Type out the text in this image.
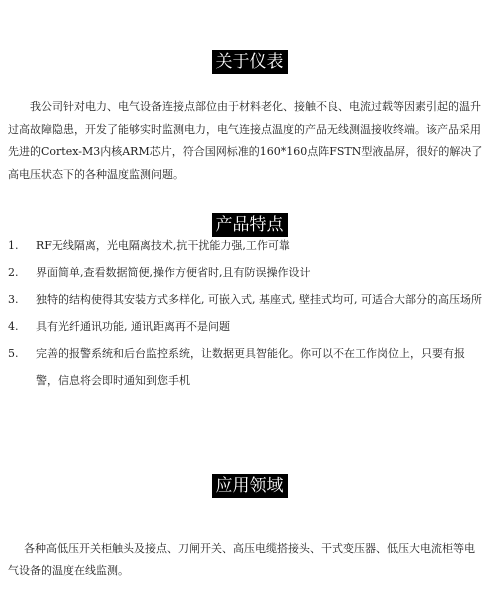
关于仪表

我公司针对电力、电气设备连接点部位由于材料老化、接触不良、电流过载等因素引起的温升过高故障隐患，开发了能够实时监测电力，电气连接点温度的产品无线测温接收终端。该产品采用先进的Cortex-M3内核ARM芯片，符合国网标准的160*160点阵FSTN型液晶屏，很好的解决了高电压状态下的各种温度监测问题。

产品特点
1. RF无线隔离，光电隔离技术,抗干扰能力强,工作可靠
2. 界面简单,查看数据简便,操作方便省时,且有防误操作设计
3. 独特的结构使得其安装方式多样化, 可嵌入式, 基座式, 壁挂式均可, 可适合大部分的高压场所
4. 具有光纤通讯功能, 通讯距离再不是问题
5. 完善的报警系统和后台监控系统，让数据更具智能化。你可以不在工作岗位上，只要有报警，信息将会即时通知到您手机
应用领域

各种高低压开关柜触头及接点、刀闸开关、高压电缆搭接头、干式变压器、低压大电流柜等电气设备的温度在线监测。
